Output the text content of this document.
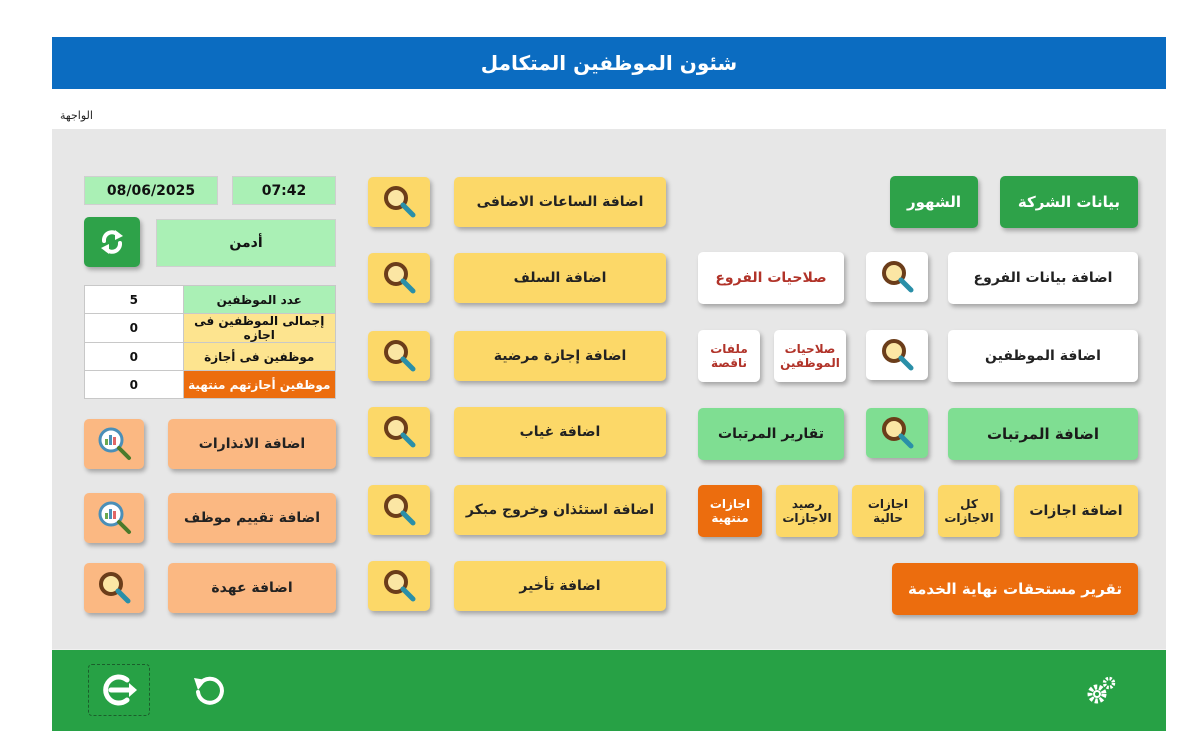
شئون الموظفين المتكامل
الواجهة
08/06/2025	07:42
أدمن
5	عدد الموظفين
0	إجمالى الموظفين فى اجازه
0	موظفين فى أجازة
0	موظفين أجازتهم منتهية
اضافة الانذارات
اضافة تقييم موظف
اضافة عهدة
اضافة الساعات الاضافى
اضافة السلف
اضافة إجازة مرضية
اضافة غياب
اضافة استئذان وخروج مبكر
اضافة تأخير
بيانات الشركة
الشهور
اضافة بيانات الفروع
صلاحيات الفروع
اضافة الموظفين
صلاحيات
الموظفين
ملفات
ناقصة
اضافة المرتبات
تقارير المرتبات
اضافة اجازات
كل
الاجازات
اجازات
حالية
رصيد
الاجازات
اجازات
منتهية
تقرير مستحقات نهاية الخدمة
